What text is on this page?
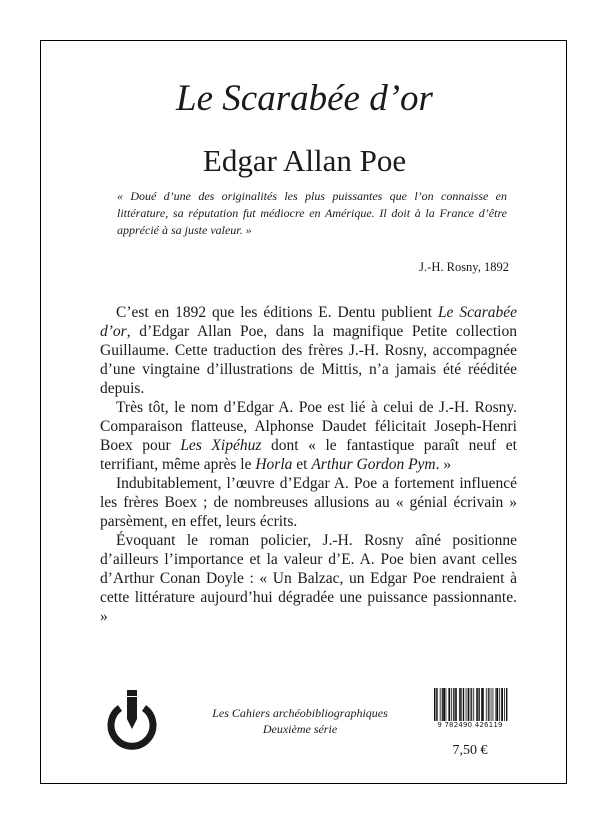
Le Scarabée d’or
Edgar Allan Poe

« Doué d’une des originalités les plus puissantes que l’on connaisse en littérature, sa réputation fut médiocre en Amérique. Il doit à la France d’être apprécié à sa juste valeur. »

J.-H. Rosny, 1892

C’est en 1892 que les éditions E. Dentu publient Le Scarabée d’or, d’Edgar Allan Poe, dans la magnifique Petite collection Guillaume. Cette traduction des frères J.-H. Rosny, accompagnée d’une vingtaine d’illustrations de Mittis, n’a jamais été rééditée depuis.

Très tôt, le nom d’Edgar A. Poe est lié à celui de J.-H. Rosny. Comparaison flatteuse, Alphonse Daudet félicitait Joseph-Henri Boex pour Les Xipéhuz dont « le fantastique paraît neuf et terrifiant, même après le Horla et Arthur Gordon Pym. »

Indubitablement, l’œuvre d’Edgar A. Poe a fortement influencé les frères Boex ; de nombreuses allusions au « génial écrivain » parsèment, en effet, leurs écrits.

Évoquant le roman policier, J.-H. Rosny aîné positionne d’ailleurs l’importance et la valeur d’E. A. Poe bien avant celles d’Arthur Conan Doyle : « Un Balzac, un Edgar Poe rendraient à cette littérature aujourd’hui dégradée une puissance passionnante. »

Les Cahiers archéobibliographiques
Deuxième série	9 782490 426119
7,50 €
